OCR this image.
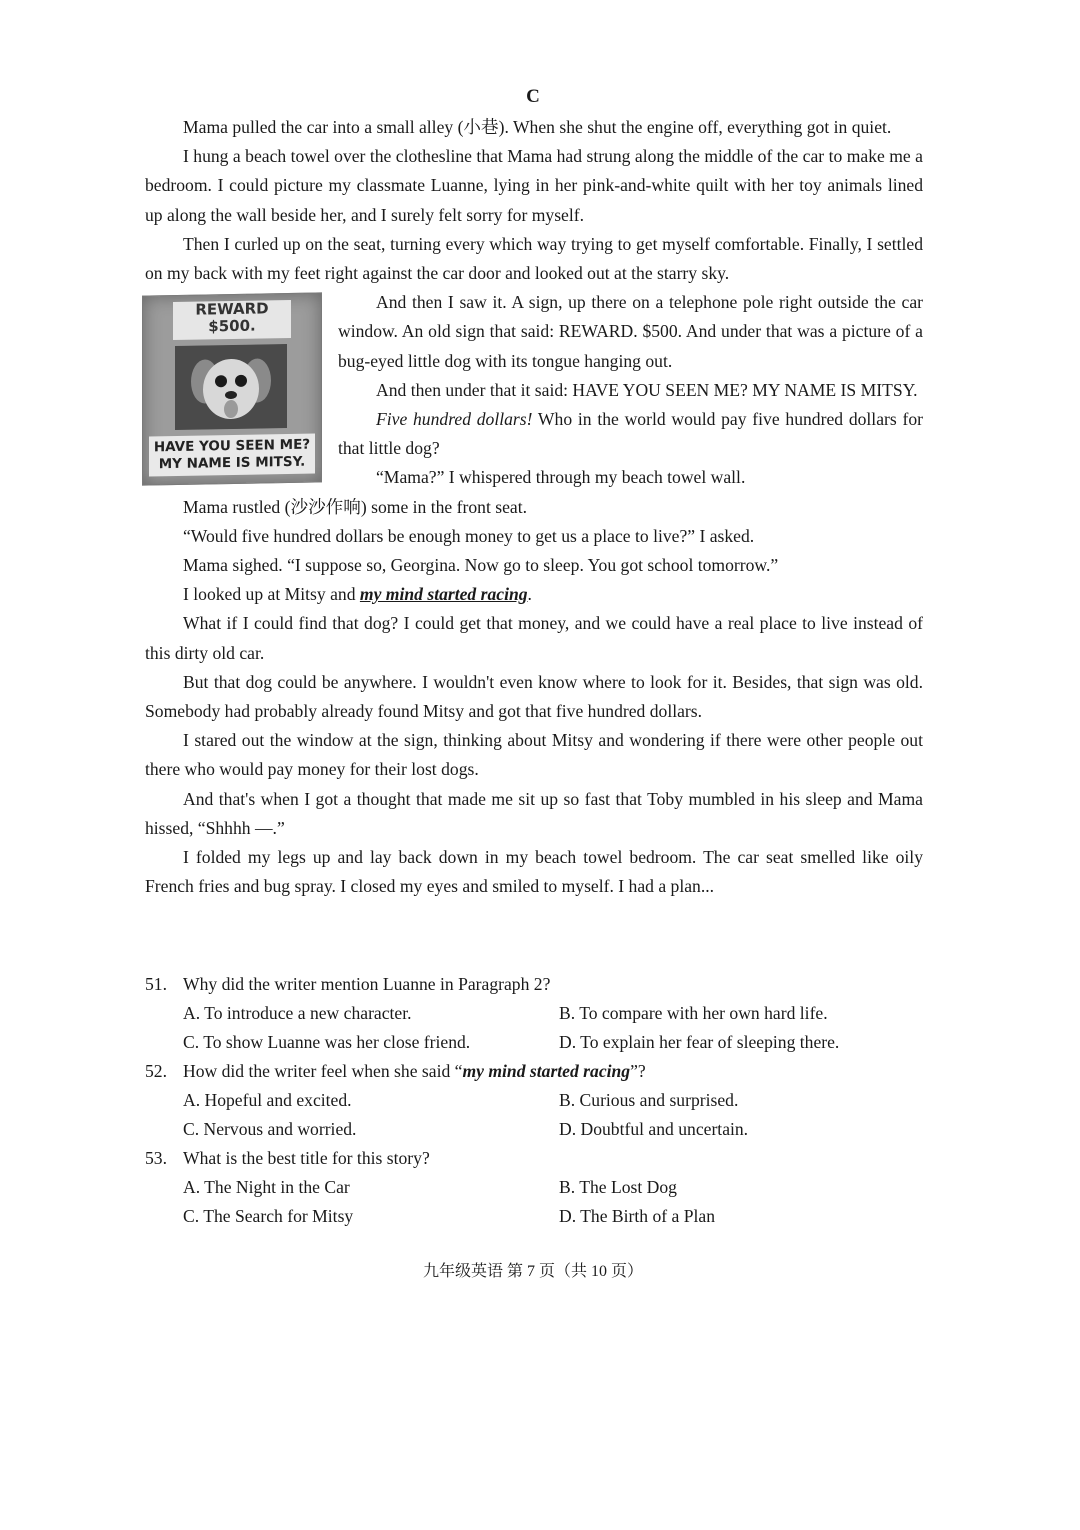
C

Mama pulled the car into a small alley (小巷). When she shut the engine off, everything got in quiet.

I hung a beach towel over the clothesline that Mama had strung along the middle of the car to make me a bedroom. I could picture my classmate Luanne, lying in her pink-and-white quilt with her toy animals lined up along the wall beside her, and I surely felt sorry for myself.

Then I curled up on the seat, turning every which way trying to get myself comfortable. Finally, I settled on my back with my feet right against the car door and looked out at the starry sky.

REWARD
$500.
HAVE YOU SEEN ME?
MY NAME IS MITSY.

And then I saw it. A sign, up there on a telephone pole right outside the car window. An old sign that said: REWARD. $500. And under that was a picture of a bug-eyed little dog with its tongue hanging out.

And then under that it said: HAVE YOU SEEN ME? MY NAME IS MITSY.

Five hundred dollars! Who in the world would pay five hundred dollars for that little dog?

“Mama?” I whispered through my beach towel wall.

Mama rustled (沙沙作响) some in the front seat.

“Would five hundred dollars be enough money to get us a place to live?” I asked.

Mama sighed. “I suppose so, Georgina. Now go to sleep. You got school tomorrow.”

I looked up at Mitsy and my mind started racing.

What if I could find that dog? I could get that money, and we could have a real place to live instead of this dirty old car.

But that dog could be anywhere. I wouldn't even know where to look for it. Besides, that sign was old. Somebody had probably already found Mitsy and got that five hundred dollars.

I stared out the window at the sign, thinking about Mitsy and wondering if there were other people out there who would pay money for their lost dogs.

And that's when I got a thought that made me sit up so fast that Toby mumbled in his sleep and Mama hissed, “Shhhh —.”

I folded my legs up and lay back down in my beach towel bedroom. The car seat smelled like oily French fries and bug spray. I closed my eyes and smiled to myself. I had a plan...

51. Why did the writer mention Luanne in Paragraph 2?
A. To introduce a new character.	B. To compare with her own hard life.
C. To show Luanne was her close friend.	D. To explain her fear of sleeping there.
52. How did the writer feel when she said “my mind started racing”?
A. Hopeful and excited.	B. Curious and surprised.
C. Nervous and worried.	D. Doubtful and uncertain.
53. What is the best title for this story?
A. The Night in the Car	B. The Lost Dog
C. The Search for Mitsy	D. The Birth of a Plan
九年级英语 第 7 页（共 10 页）
